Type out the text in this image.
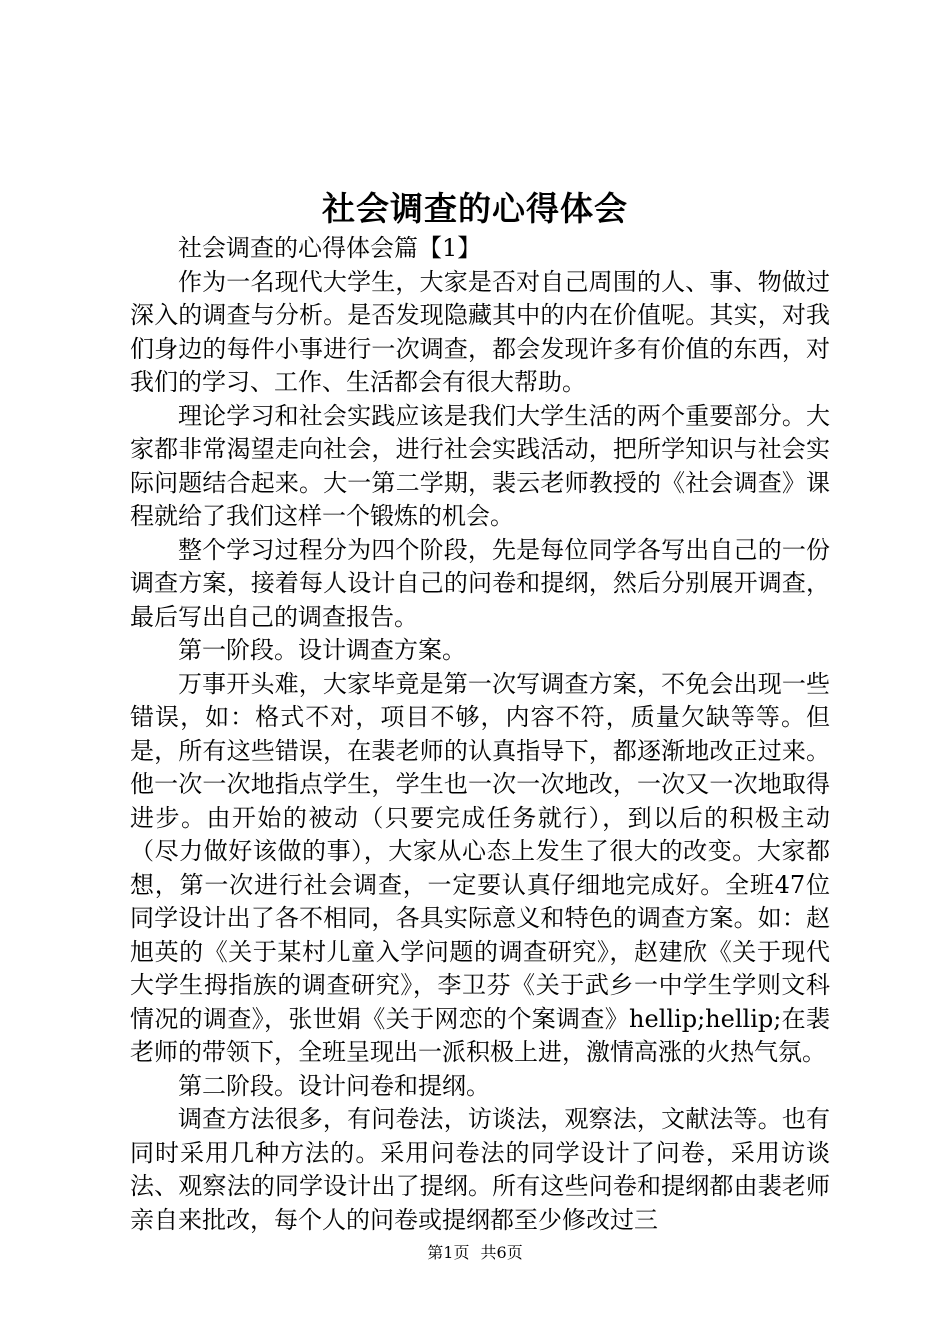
社会调查的心得体会

社会调查的心得体会篇【1】

作为一名现代大学生，大家是否对自己周围的人、事、物做过深入的调查与分析。是否发现隐藏其中的内在价值呢。其实，对我们身边的每件小事进行一次调查，都会发现许多有价值的东西，对我们的学习、工作、生活都会有很大帮助。

理论学习和社会实践应该是我们大学生活的两个重要部分。大家都非常渴望走向社会，进行社会实践活动，把所学知识与社会实际问题结合起来。大一第二学期，裴云老师教授的《社会调查》课程就给了我们这样一个锻炼的机会。

整个学习过程分为四个阶段，先是每位同学各写出自己的一份调查方案，接着每人设计自己的问卷和提纲，然后分别展开调查，最后写出自己的调查报告。

第一阶段。设计调查方案。

万事开头难，大家毕竟是第一次写调查方案，不免会出现一些错误，如：格式不对，项目不够，内容不符，质量欠缺等等。但是，所有这些错误，在裴老师的认真指导下，都逐渐地改正过来。他一次一次地指点学生，学生也一次一次地改，一次又一次地取得进步。由开始的被动（只要完成任务就行），到以后的积极主动（尽力做好该做的事），大家从心态上发生了很大的改变。大家都想，第一次进行社会调查，一定要认真仔细地完成好。全班47位同学设计出了各不相同，各具实际意义和特色的调查方案。如：赵旭英的《关于某村儿童入学问题的调查研究》，赵建欣《关于现代大学生拇指族的调查研究》，李卫芬《关于武乡一中学生学则文科情况的调查》，张世娟《关于网恋的个案调查》hellip;hellip;在裴老师的带领下，全班呈现出一派积极上进，激情高涨的火热气氛。

第二阶段。设计问卷和提纲。

调查方法很多，有问卷法，访谈法，观察法，文献法等。也有同时采用几种方法的。采用问卷法的同学设计了问卷，采用访谈法、观察法的同学设计出了提纲。所有这些问卷和提纲都由裴老师亲自来批改，每个人的问卷或提纲都至少修改过三

第1页 共6页
